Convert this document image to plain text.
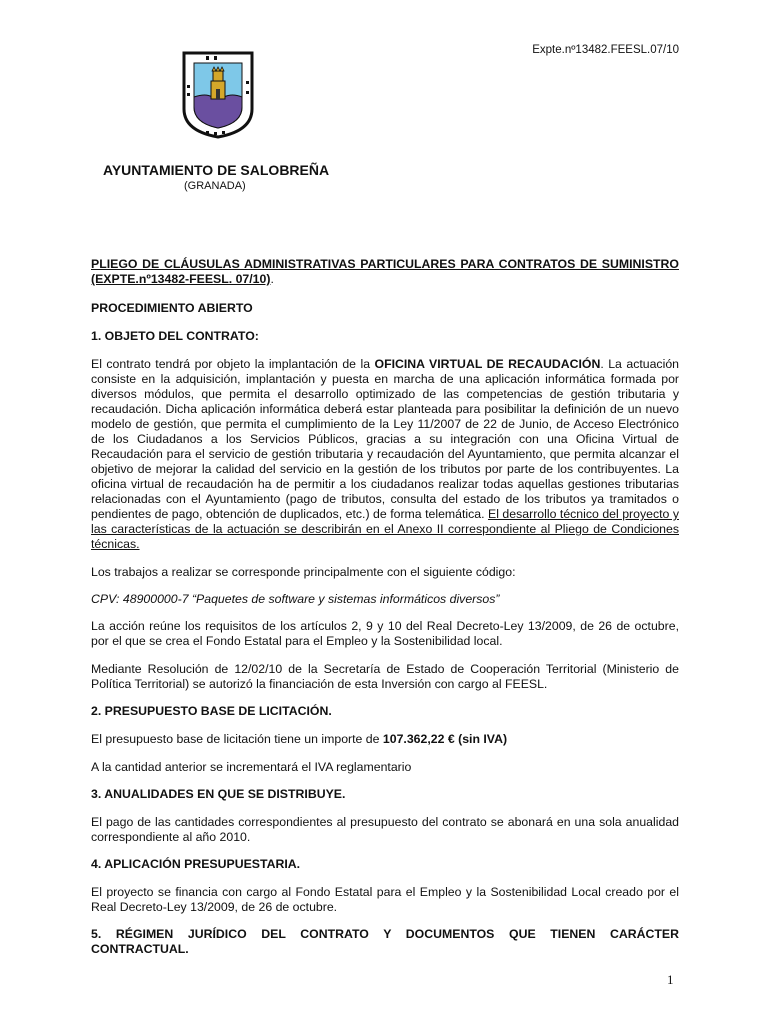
Expte.nº13482.FEESL.07/10
AYUNTAMIENTO DE SALOBREÑA
(GRANADA)

PLIEGO DE CLÁUSULAS ADMINISTRATIVAS PARTICULARES PARA CONTRATOS DE SUMINISTRO (EXPTE.nº13482-FEESL. 07/10).

PROCEDIMIENTO ABIERTO

1. OBJETO DEL CONTRATO:

El contrato tendrá por objeto la implantación de la OFICINA VIRTUAL DE RECAUDACIÓN. La actuación consiste en la adquisición, implantación y puesta en marcha de una aplicación informática formada por diversos módulos, que permita el desarrollo optimizado de las competencias de gestión tributaria y recaudación. Dicha aplicación informática deberá estar planteada para posibilitar la definición de un nuevo modelo de gestión, que permita el cumplimiento de la Ley 11/2007 de 22 de Junio, de Acceso Electrónico de los Ciudadanos a los Servicios Públicos, gracias a su integración con una Oficina Virtual de Recaudación para el servicio de gestión tributaria y recaudación del Ayuntamiento, que permita alcanzar el objetivo de mejorar la calidad del servicio en la gestión de los tributos por parte de los contribuyentes. La oficina virtual de recaudación ha de permitir a los ciudadanos realizar todas aquellas gestiones tributarias relacionadas con el Ayuntamiento (pago de tributos, consulta del estado de los tributos ya tramitados o pendientes de pago, obtención de duplicados, etc.) de forma telemática. El desarrollo técnico del proyecto y las características de la actuación se describirán en el Anexo II correspondiente al Pliego de Condiciones técnicas.

Los trabajos a realizar se corresponde principalmente con el siguiente código:

CPV: 48900000-7 “Paquetes de software y sistemas informáticos diversos”

La acción reúne los requisitos de los artículos 2, 9 y 10 del Real Decreto-Ley 13/2009, de 26 de octubre, por el que se crea el Fondo Estatal para el Empleo y la Sostenibilidad local.

Mediante Resolución de 12/02/10 de la Secretaría de Estado de Cooperación Territorial (Ministerio de Política Territorial) se autorizó la financiación de esta Inversión con cargo al FEESL.

2. PRESUPUESTO BASE DE LICITACIÓN.

El presupuesto base de licitación tiene un importe de 107.362,22 € (sin IVA)

A la cantidad anterior se incrementará el IVA reglamentario

3. ANUALIDADES EN QUE SE DISTRIBUYE.

El pago de las cantidades correspondientes al presupuesto del contrato se abonará en una sola anualidad correspondiente al año 2010.

4. APLICACIÓN PRESUPUESTARIA.

El proyecto se financia con cargo al Fondo Estatal para el Empleo y la Sostenibilidad Local creado por el Real Decreto-Ley 13/2009, de 26 de octubre.

5. RÉGIMEN JURÍDICO DEL CONTRATO Y DOCUMENTOS QUE TIENEN CARÁCTER CONTRACTUAL.

1
